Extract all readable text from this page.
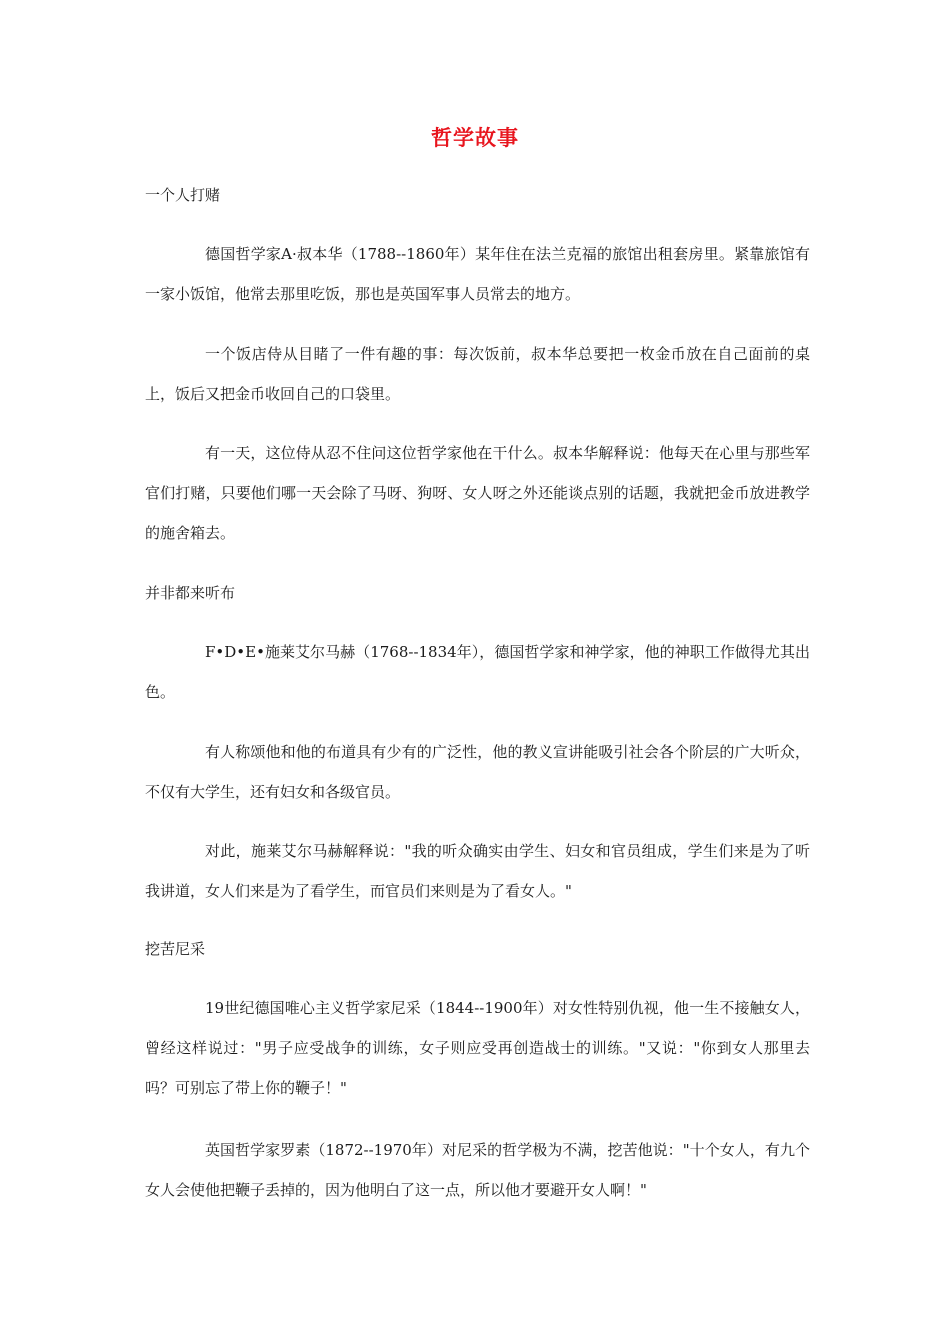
哲学故事
一个人打赌

德国哲学家A·叔本华（1788--1860年）某年住在法兰克福的旅馆出租套房里。紧靠旅馆有一家小饭馆，他常去那里吃饭，那也是英国军事人员常去的地方。

一个饭店侍从目睹了一件有趣的事：每次饭前，叔本华总要把一枚金币放在自己面前的桌上，饭后又把金币收回自己的口袋里。

有一天，这位侍从忍不住问这位哲学家他在干什么。叔本华解释说：他每天在心里与那些军官们打赌，只要他们哪一天会除了马呀、狗呀、女人呀之外还能谈点别的话题，我就把金币放进教学的施舍箱去。

并非都来听布

F•D•E•施莱艾尔马赫（1768--1834年），德国哲学家和神学家，他的神职工作做得尤其出色。

有人称颂他和他的布道具有少有的广泛性，他的教义宣讲能吸引社会各个阶层的广大听众，不仅有大学生，还有妇女和各级官员。

对此，施莱艾尔马赫解释说："我的听众确实由学生、妇女和官员组成，学生们来是为了听我讲道，女人们来是为了看学生，而官员们来则是为了看女人。"

挖苦尼采

19世纪德国唯心主义哲学家尼采（1844--1900年）对女性特别仇视，他一生不接触女人，曾经这样说过："男子应受战争的训练，女子则应受再创造战士的训练。"又说："你到女人那里去吗？可别忘了带上你的鞭子！"

英国哲学家罗素（1872--1970年）对尼采的哲学极为不满，挖苦他说："十个女人，有九个女人会使他把鞭子丢掉的，因为他明白了这一点，所以他才要避开女人啊！"
